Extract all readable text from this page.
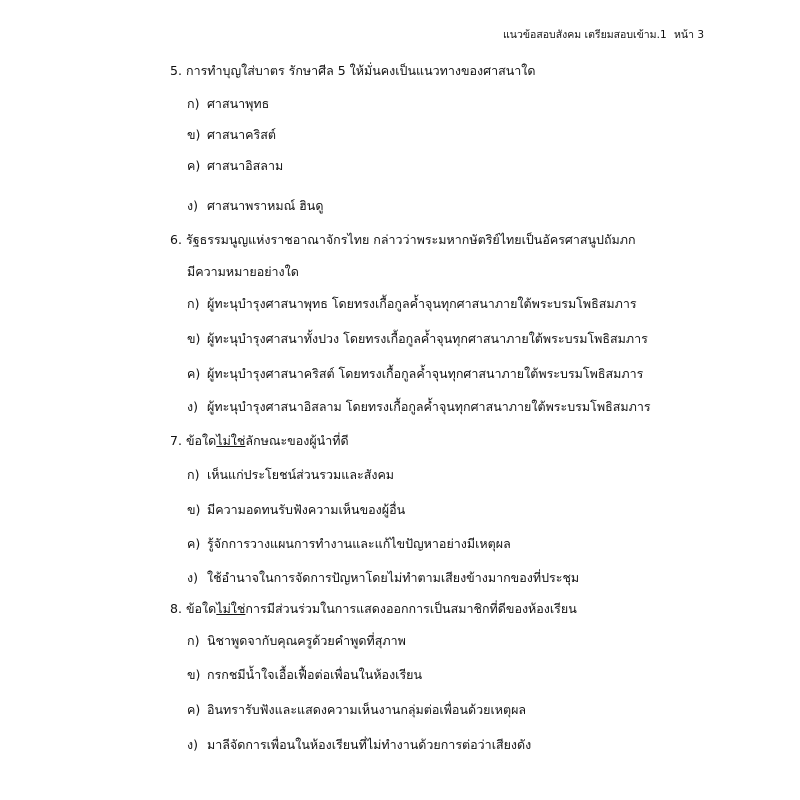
แนวข้อสอบสังคม เตรียมสอบเข้าม.1 หน้า 3
5. การทำบุญใส่บาตร รักษาศีล 5 ให้มั่นคงเป็นแนวทางของศาสนาใด
ก) ศาสนาพุทธ
ข) ศาสนาคริสต์
ค) ศาสนาอิสลาม
ง) ศาสนาพราหมณ์ ฮินดู
6. รัฐธรรมนูญแห่งราชอาณาจักรไทย กล่าวว่าพระมหากษัตริย์ไทยเป็นอัครศาสนูปถัมภก
มีความหมายอย่างใด
ก) ผู้ทะนุบำรุงศาสนาพุทธ โดยทรงเกื้อกูลค้ำจุนทุกศาสนาภายใต้พระบรมโพธิสมภาร
ข) ผู้ทะนุบำรุงศาสนาทั้งปวง โดยทรงเกื้อกูลค้ำจุนทุกศาสนาภายใต้พระบรมโพธิสมภาร
ค) ผู้ทะนุบำรุงศาสนาคริสต์ โดยทรงเกื้อกูลค้ำจุนทุกศาสนาภายใต้พระบรมโพธิสมภาร
ง) ผู้ทะนุบำรุงศาสนาอิสลาม โดยทรงเกื้อกูลค้ำจุนทุกศาสนาภายใต้พระบรมโพธิสมภาร
7. ข้อใดไม่ใช่ลักษณะของผู้นำที่ดี
ก) เห็นแก่ประโยชน์ส่วนรวมและสังคม
ข) มีความอดทนรับฟังความเห็นของผู้อื่น
ค) รู้จักการวางแผนการทำงานและแก้ไขปัญหาอย่างมีเหตุผล
ง) ใช้อำนาจในการจัดการปัญหาโดยไม่ทำตามเสียงข้างมากของที่ประชุม
8. ข้อใดไม่ใช่การมีส่วนร่วมในการแสดงออกการเป็นสมาชิกที่ดีของห้องเรียน
ก) นิชาพูดจากับคุณครูด้วยคำพูดที่สุภาพ
ข) กรกชมีน้ำใจเอื้อเฟื้อต่อเพื่อนในห้องเรียน
ค) อินทรารับฟังและแสดงความเห็นงานกลุ่มต่อเพื่อนด้วยเหตุผล
ง) มาลีจัดการเพื่อนในห้องเรียนที่ไม่ทำงานด้วยการต่อว่าเสียงดัง
